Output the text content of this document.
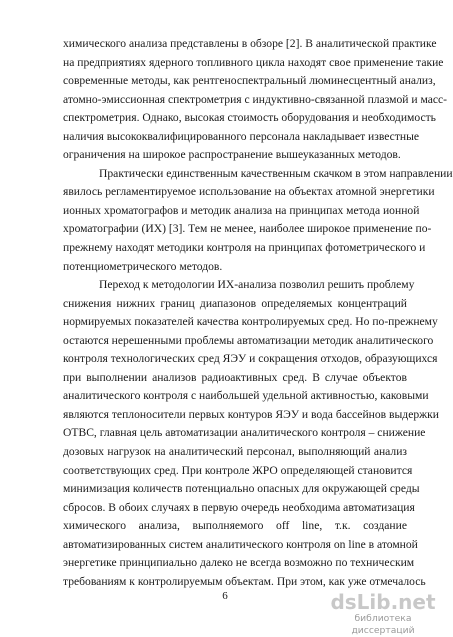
химического анализа представлены в обзоре [2]. В аналитической практике
на предприятиях ядерного топливного цикла находят свое применение такие
современные методы, как рентгеноспектральный люминесцентный анализ,
атомно-эмиссионная спектрометрия с индуктивно-связанной плазмой и масс-
спектрометрия. Однако, высокая стоимость оборудования и необходимость
наличия высококвалифицированного персонала накладывает известные
ограничения на широкое распространение вышеуказанных методов.
Практически единственным качественным скачком в этом направлении
явилось регламентируемое использование на объектах атомной энергетики
ионных хроматографов и методик анализа на принципах метода ионной
хроматографии (ИХ) [3]. Тем не менее, наиболее широкое применение по-
прежнему находят методики контроля на принципах фотометрического и
потенциометрического методов.
Переход к методологии ИХ-анализа позволил решить проблему
снижения нижних границ диапазонов определяемых концентраций
нормируемых показателей качества контролируемых сред. Но по-прежнему
остаются нерешенными проблемы автоматизации методик аналитического
контроля технологических сред ЯЭУ и сокращения отходов, образующихся
при выполнении анализов радиоактивных сред. В случае объектов
аналитического контроля с наибольшей удельной активностью, каковыми
являются теплоносители первых контуров ЯЭУ и вода бассейнов выдержки
ОТВС, главная цель автоматизации аналитического контроля – снижение
дозовых нагрузок на аналитический персонал, выполняющий анализ
соответствующих сред. При контроле ЖРО определяющей становится
минимизация количеств потенциально опасных для окружающей среды
сбросов. В обоих случаях в первую очередь необходима автоматизация
химического анализа, выполняемого off line, т.к. создание
автоматизированных систем аналитического контроля on line в атомной
энергетике принципиально далеко не всегда возможно по техническим
требованиям к контролируемым объектам. При этом, как уже отмечалось
6	dsLib.net
библиотека диссертаций
